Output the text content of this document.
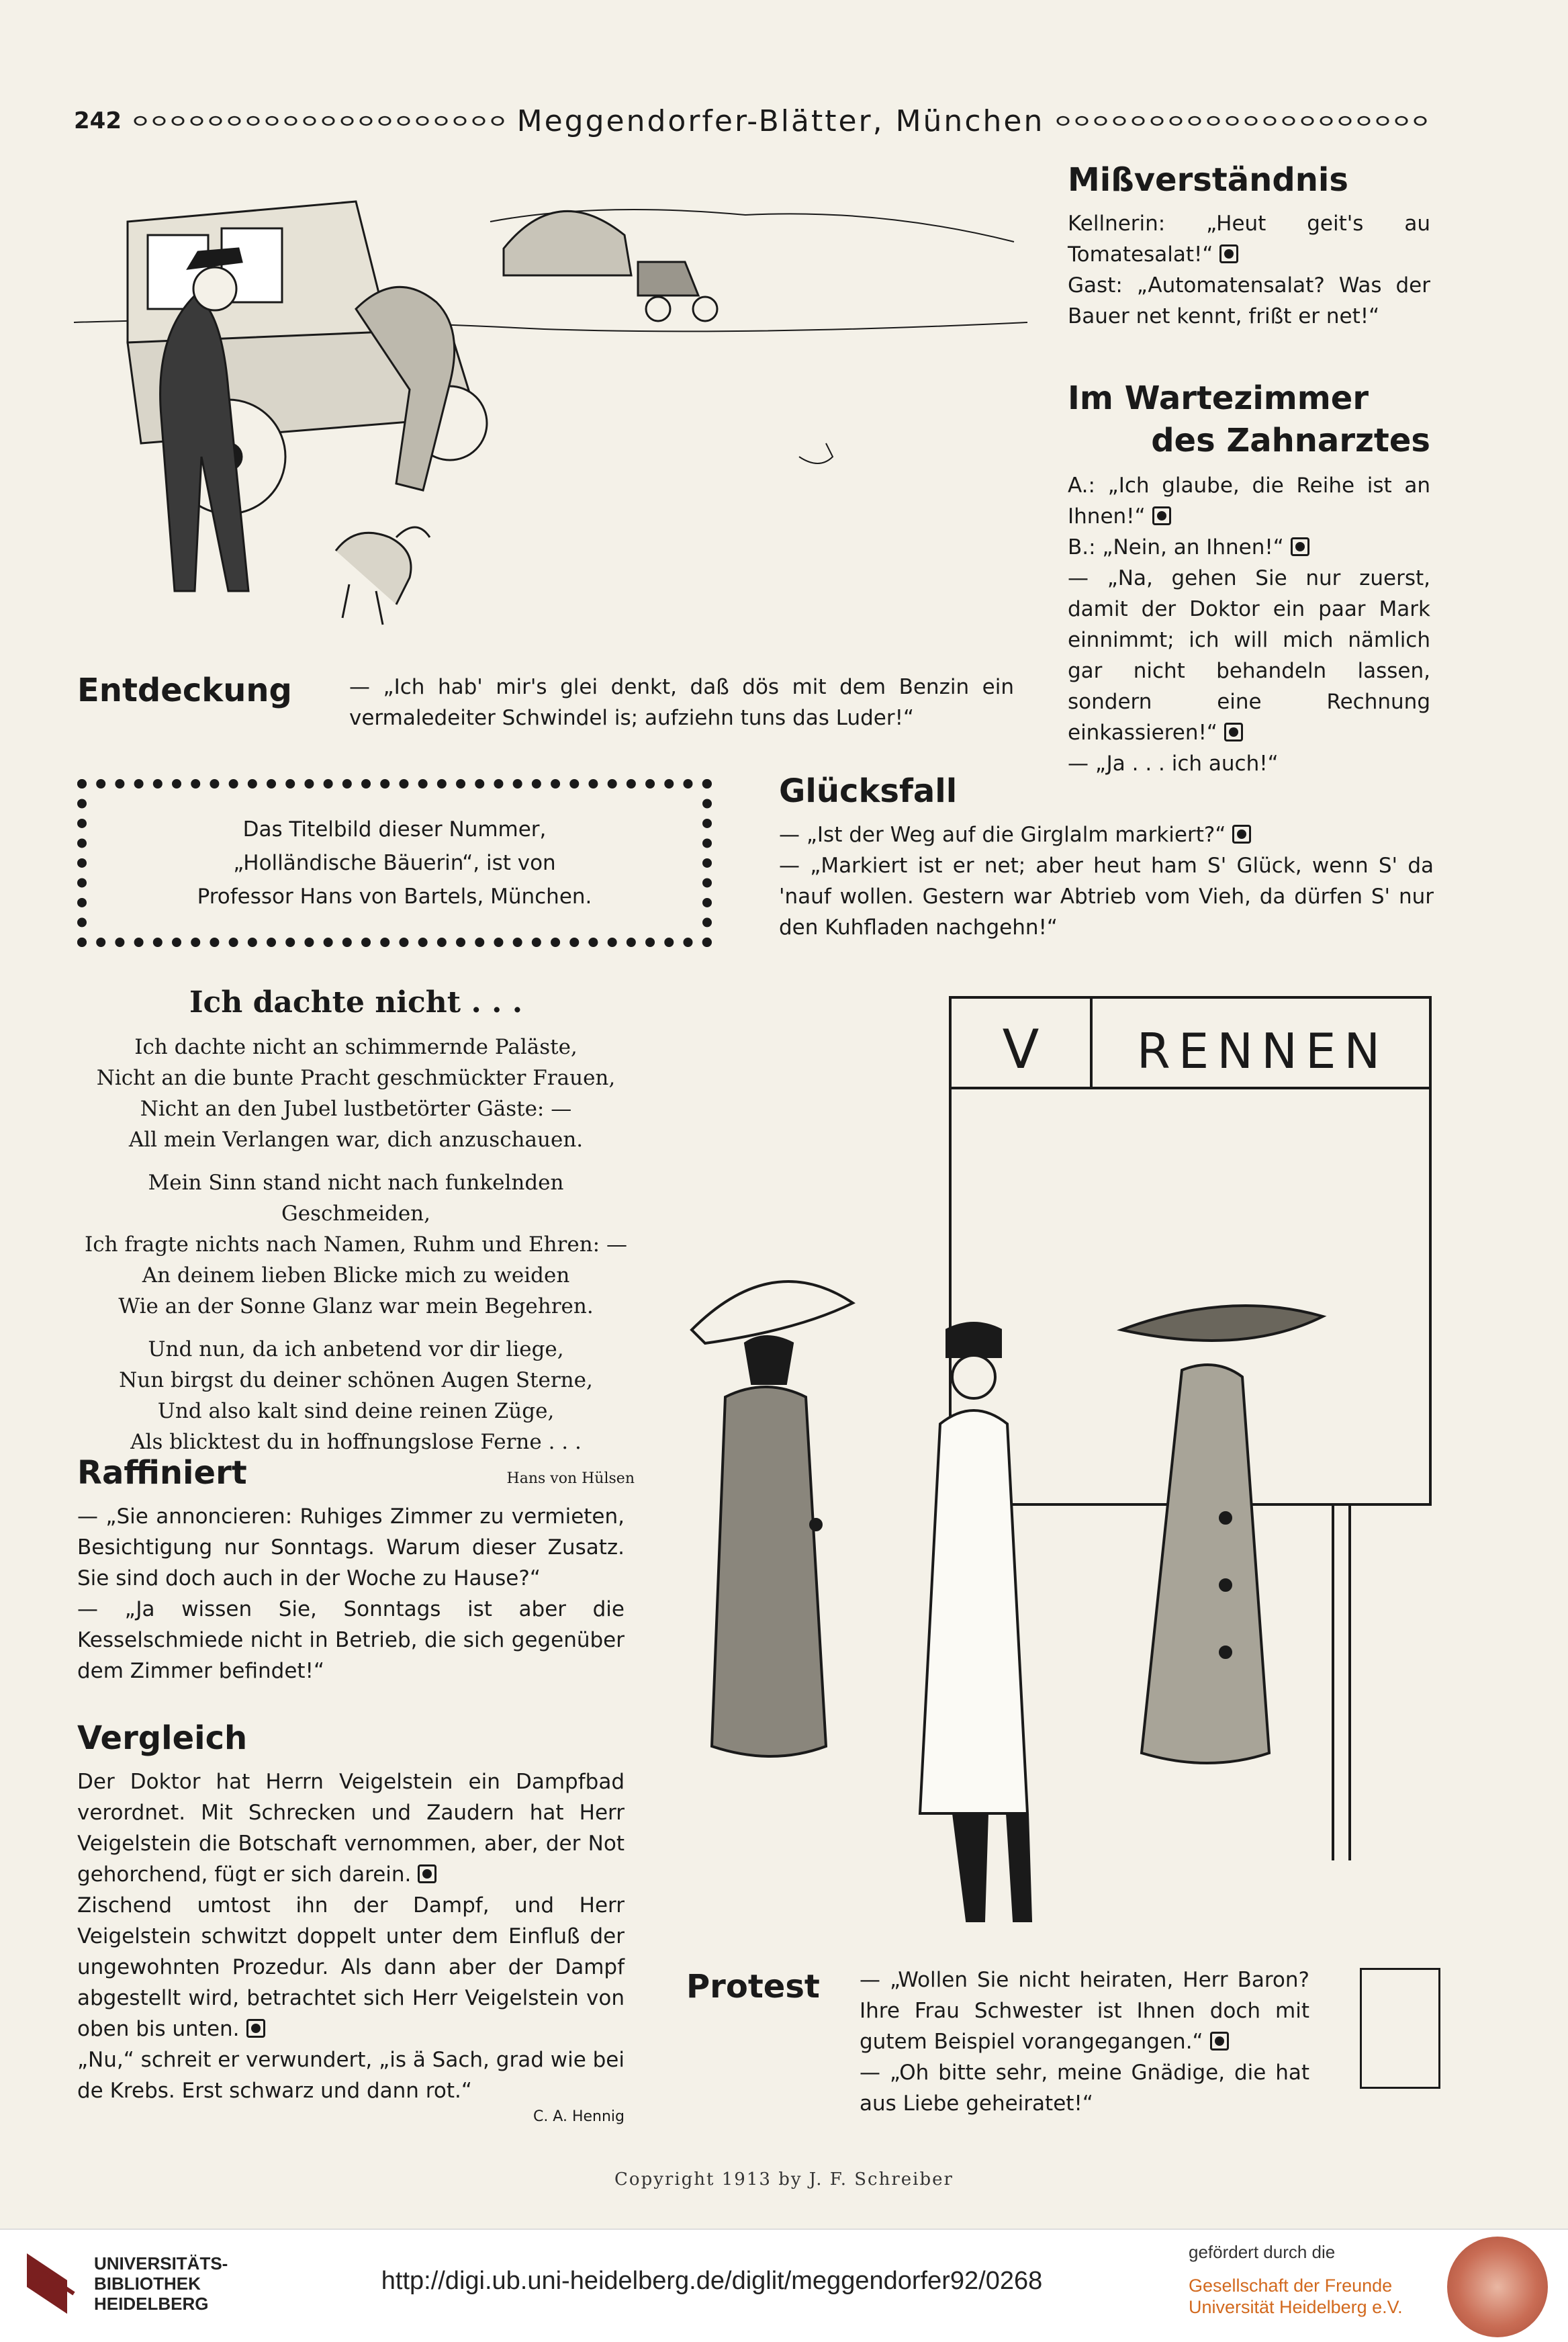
242	Meggendorfer-Blätter, München
Entdeckung	— „Ich hab' mir's glei denkt, daß dös mit dem Benzin ein vermaledeiter Schwindel is; aufziehn tuns das Luder!“
Mißverständnis

Kellnerin: „Heut geit's au Tomatesalat!“

Gast: „Automatensalat? Was der Bauer net kennt, frißt er net!“

Im Wartezimmer
des Zahnarztes

A.: „Ich glaube, die Reihe ist an Ihnen!“

B.: „Nein, an Ihnen!“

— „Na, gehen Sie nur zuerst, damit der Doktor ein paar Mark einnimmt; ich will mich nämlich gar nicht behandeln lassen, sondern eine Rechnung einkassieren!“

— „Ja . . . ich auch!“

Das Titelbild dieser Nummer,
„Holländische Bäuerin“, ist von
Professor Hans von Bartels, München.
Glücksfall

— „Ist der Weg auf die Girglalm markiert?“

— „Markiert ist er net; aber heut ham S' Glück, wenn S' da 'nauf wollen. Gestern war Abtrieb vom Vieh, da dürfen S' nur den Kuhfladen nachgehn!“

Ich dachte nicht . . .
Ich dachte nicht an schimmernde Paläste,
Nicht an die bunte Pracht geschmückter Frauen,
Nicht an den Jubel lustbetörter Gäste: —
All mein Verlangen war, dich anzuschauen.
Mein Sinn stand nicht nach funkelnden Geschmeiden,
Ich fragte nichts nach Namen, Ruhm und Ehren: —
An deinem lieben Blicke mich zu weiden
Wie an der Sonne Glanz war mein Begehren.
Und nun, da ich anbetend vor dir liege,
Nun birgst du deiner schönen Augen Sterne,
Und also kalt sind deine reinen Züge,
Als blicktest du in hoffnungslose Ferne . . .
Hans von Hülsen
Raffiniert

— „Sie annoncieren: Ruhiges Zimmer zu vermieten, Besichtigung nur Sonntags. Warum dieser Zusatz. Sie sind doch auch in der Woche zu Hause?“

— „Ja wissen Sie, Sonntags ist aber die Kesselschmiede nicht in Betrieb, die sich gegenüber dem Zimmer befindet!“

Vergleich

Der Doktor hat Herrn Veigelstein ein Dampfbad verordnet. Mit Schrecken und Zaudern hat Herr Veigelstein die Botschaft vernommen, aber, der Not gehorchend, fügt er sich darein.

Zischend umtost ihn der Dampf, und Herr Veigelstein schwitzt doppelt unter dem Einfluß der ungewohnten Prozedur. Als dann aber der Dampf abgestellt wird, betrachtet sich Herr Veigelstein von oben bis unten.

„Nu,“ schreit er verwundert, „is ä Sach, grad wie bei de Krebs. Erst schwarz und dann rot.“

C. A. Hennig

V RENNEN
Protest — „Wollen Sie nicht heiraten, Herr Baron? Ihre Frau Schwester ist Ihnen doch mit gutem Beispiel vorangegangen.“

— „Oh bitte sehr, meine Gnädige, die hat aus Liebe geheiratet!“

Copyright 1913 by J. F. Schreiber
UNIVERSITÄTS-
BIBLIOTHEK
HEIDELBERG
http://digi.ub.uni-heidelberg.de/diglit/meggendorfer92/0268
gefördert durch die
Gesellschaft der Freunde
Universität Heidelberg e.V.
